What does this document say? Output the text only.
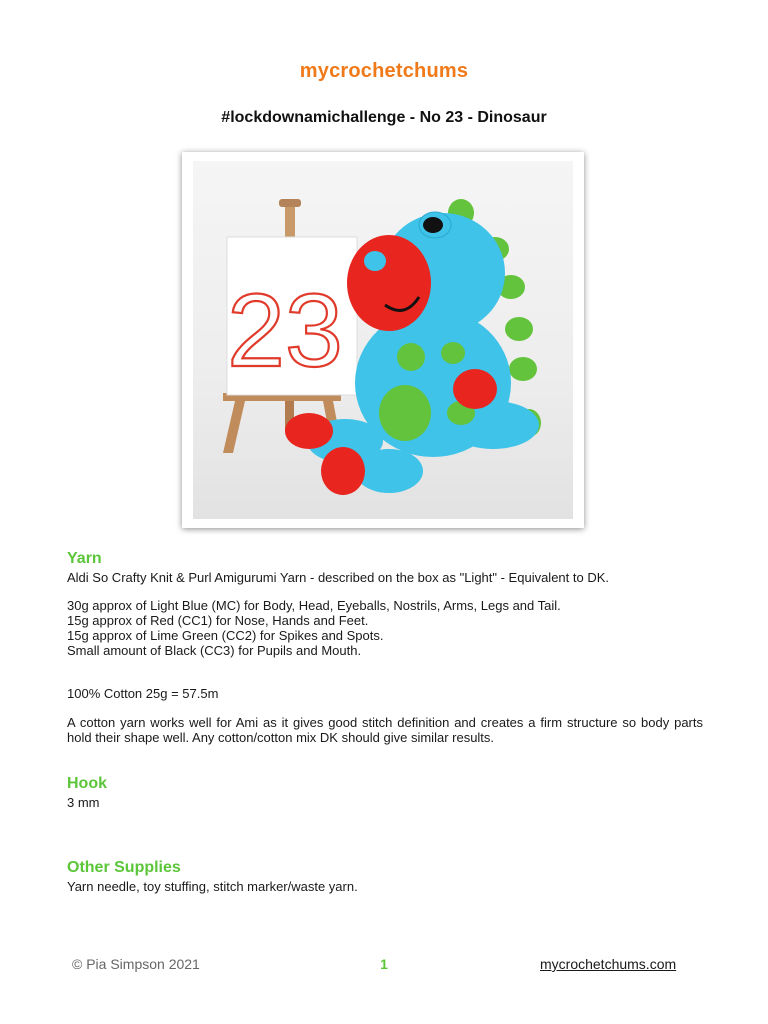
mycrochetchums
#lockdownamichallenge - No 23 - Dinosaur
23
Yarn
Aldi So Crafty Knit & Purl Amigurumi Yarn - described on the box as "Light" - Equivalent to DK.
30g approx of Light Blue (MC) for Body, Head, Eyeballs, Nostrils, Arms, Legs and Tail.
15g approx of Red (CC1) for Nose, Hands and Feet.
15g approx of Lime Green (CC2) for Spikes and Spots.
Small amount of Black (CC3) for Pupils and Mouth.
100% Cotton 25g = 57.5m
A cotton yarn works well for Ami as it gives good stitch definition and creates a firm structure so body parts hold their shape well. Any cotton/cotton mix DK should give similar results.
Hook
3 mm
Other Supplies
Yarn needle, toy stuffing, stitch marker/waste yarn.
© Pia Simpson 2021	1	mycrochetchums.com
